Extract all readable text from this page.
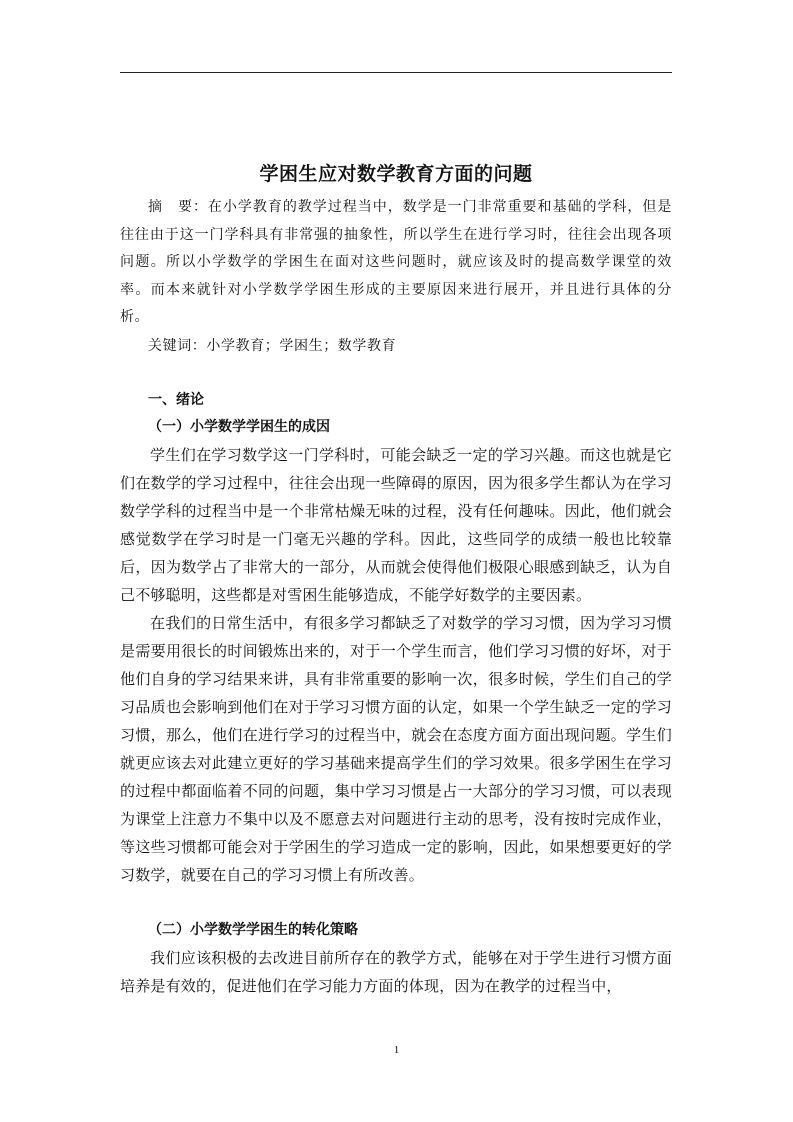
学困生应对数学教育方面的问题

摘　要：在小学教育的教学过程当中，数学是一门非常重要和基础的学科，但是往往由于这一门学科具有非常强的抽象性，所以学生在进行学习时，往往会出现各项问题。所以小学数学的学困生在面对这些问题时，就应该及时的提高数学课堂的效率。而本来就针对小学数学学困生形成的主要原因来进行展开，并且进行具体的分析。

关键词：小学教育；学困生；数学教育

一、绪论

（一）小学数学学困生的成因

学生们在学习数学这一门学科时，可能会缺乏一定的学习兴趣。而这也就是它们在数学的学习过程中，往往会出现一些障碍的原因，因为很多学生都认为在学习数学学科的过程当中是一个非常枯燥无味的过程，没有任何趣味。因此，他们就会感觉数学在学习时是一门毫无兴趣的学科。因此，这些同学的成绩一般也比较靠后，因为数学占了非常大的一部分，从而就会使得他们极限心眼感到缺乏，认为自己不够聪明，这些都是对雪困生能够造成，不能学好数学的主要因素。

在我们的日常生活中，有很多学习都缺乏了对数学的学习习惯，因为学习习惯是需要用很长的时间锻炼出来的，对于一个学生而言，他们学习习惯的好坏，对于他们自身的学习结果来讲，具有非常重要的影响一次，很多时候，学生们自己的学习品质也会影响到他们在对于学习习惯方面的认定，如果一个学生缺乏一定的学习习惯，那么，他们在进行学习的过程当中，就会在态度方面方面出现问题。学生们就更应该去对此建立更好的学习基础来提高学生们的学习效果。很多学困生在学习的过程中都面临着不同的问题，集中学习习惯是占一大部分的学习习惯，可以表现为课堂上注意力不集中以及不愿意去对问题进行主动的思考，没有按时完成作业，等这些习惯都可能会对于学困生的学习造成一定的影响，因此，如果想要更好的学习数学，就要在自己的学习习惯上有所改善。

（二）小学数学学困生的转化策略

我们应该积极的去改进目前所存在的教学方式，能够在对于学生进行习惯方面培养是有效的，促进他们在学习能力方面的体现，因为在教学的过程当中，

1
